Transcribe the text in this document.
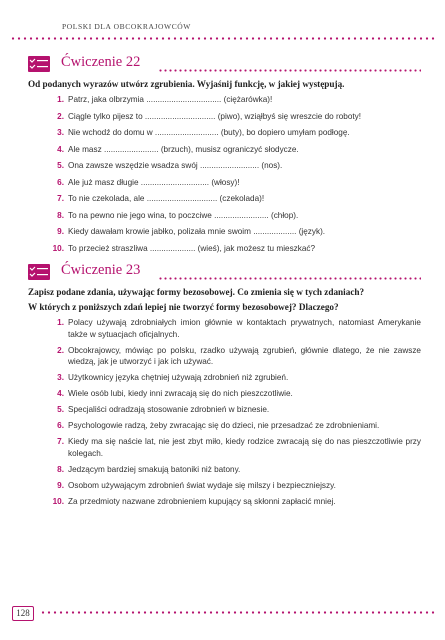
POLSKI DLA OBCOKRAJOWCÓW
Ćwiczenie 22

Od podanych wyrazów utwórz zgrubienia. Wyjaśnij funkcję, w jakiej występują.

1. Patrz, jaka olbrzymia ................................. (ciężarówka)!
2. Ciągle tylko pijesz to ............................... (piwo), wziąłbyś się wreszcie do roboty!
3. Nie wchodź do domu w ............................ (buty), bo dopiero umyłam podłogę.
4. Ale masz ........................ (brzuch), musisz ograniczyć słodycze.
5. Ona zawsze wszędzie wsadza swój .......................... (nos).
6. Ale już masz długie .............................. (włosy)!
7. To nie czekolada, ale ............................... (czekolada)!
8. To na pewno nie jego wina, to poczciwe ........................ (chłop).
9. Kiedy dawałam krowie jabłko, polizała mnie swoim ................... (język).
10. To przecież straszliwa .................... (wieś), jak możesz tu mieszkać?
Ćwiczenie 23

Zapisz podane zdania, używając formy bezosobowej. Co zmienia się w tych zdaniach?

W których z poniższych zdań lepiej nie tworzyć formy bezosobowej? Dlaczego?

1. Polacy używają zdrobniałych imion głównie w kontaktach prywatnych, natomiast Amerykanie także w sytuacjach oficjalnych.
2. Obcokrajowcy, mówiąc po polsku, rzadko używają zgrubień, głównie dlatego, że nie zawsze wiedzą, jak je utworzyć i jak ich używać.
3. Użytkownicy języka chętniej używają zdrobnień niż zgrubień.
4. Wiele osób lubi, kiedy inni zwracają się do nich pieszczotliwie.
5. Specjaliści odradzają stosowanie zdrobnień w biznesie.
6. Psychologowie radzą, żeby zwracając się do dzieci, nie przesadzać ze zdrobnieniami.
7. Kiedy ma się naście lat, nie jest zbyt miło, kiedy rodzice zwracają się do nas pieszczotliwie przy kolegach.
8. Jedzącym bardziej smakują batoniki niż batony.
9. Osobom używającym zdrobnień świat wydaje się milszy i bezpieczniejszy.
10. Za przedmioty nazwane zdrobnieniem kupujący są skłonni zapłacić mniej.
128
